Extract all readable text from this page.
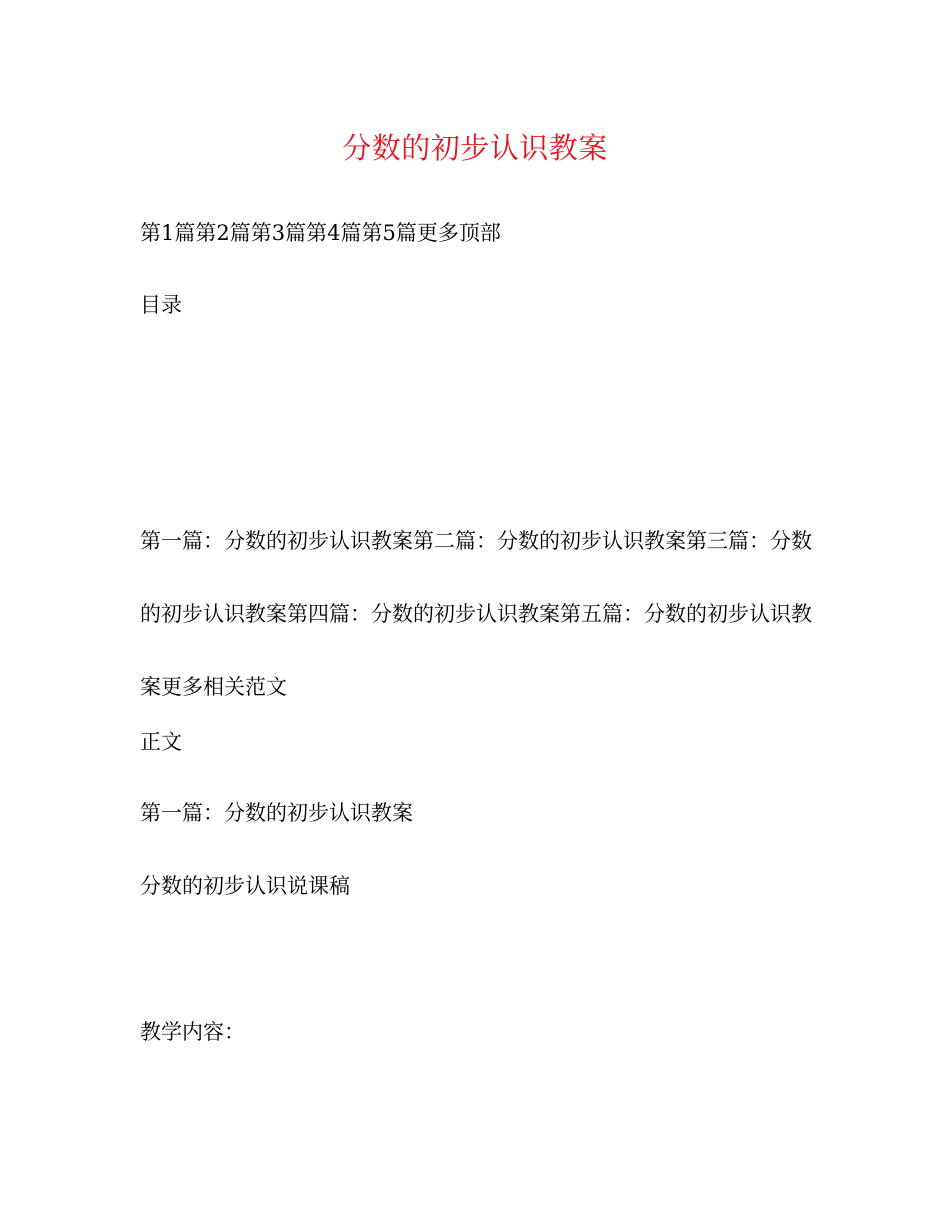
分数的初步认识教案
第1篇第2篇第3篇第4篇第5篇更多顶部
目录
第一篇：分数的初步认识教案第二篇：分数的初步认识教案第三篇：分数的初步认识教案第四篇：分数的初步认识教案第五篇：分数的初步认识教案更多相关范文
正文
第一篇：分数的初步认识教案
分数的初步认识说课稿
教学内容：
